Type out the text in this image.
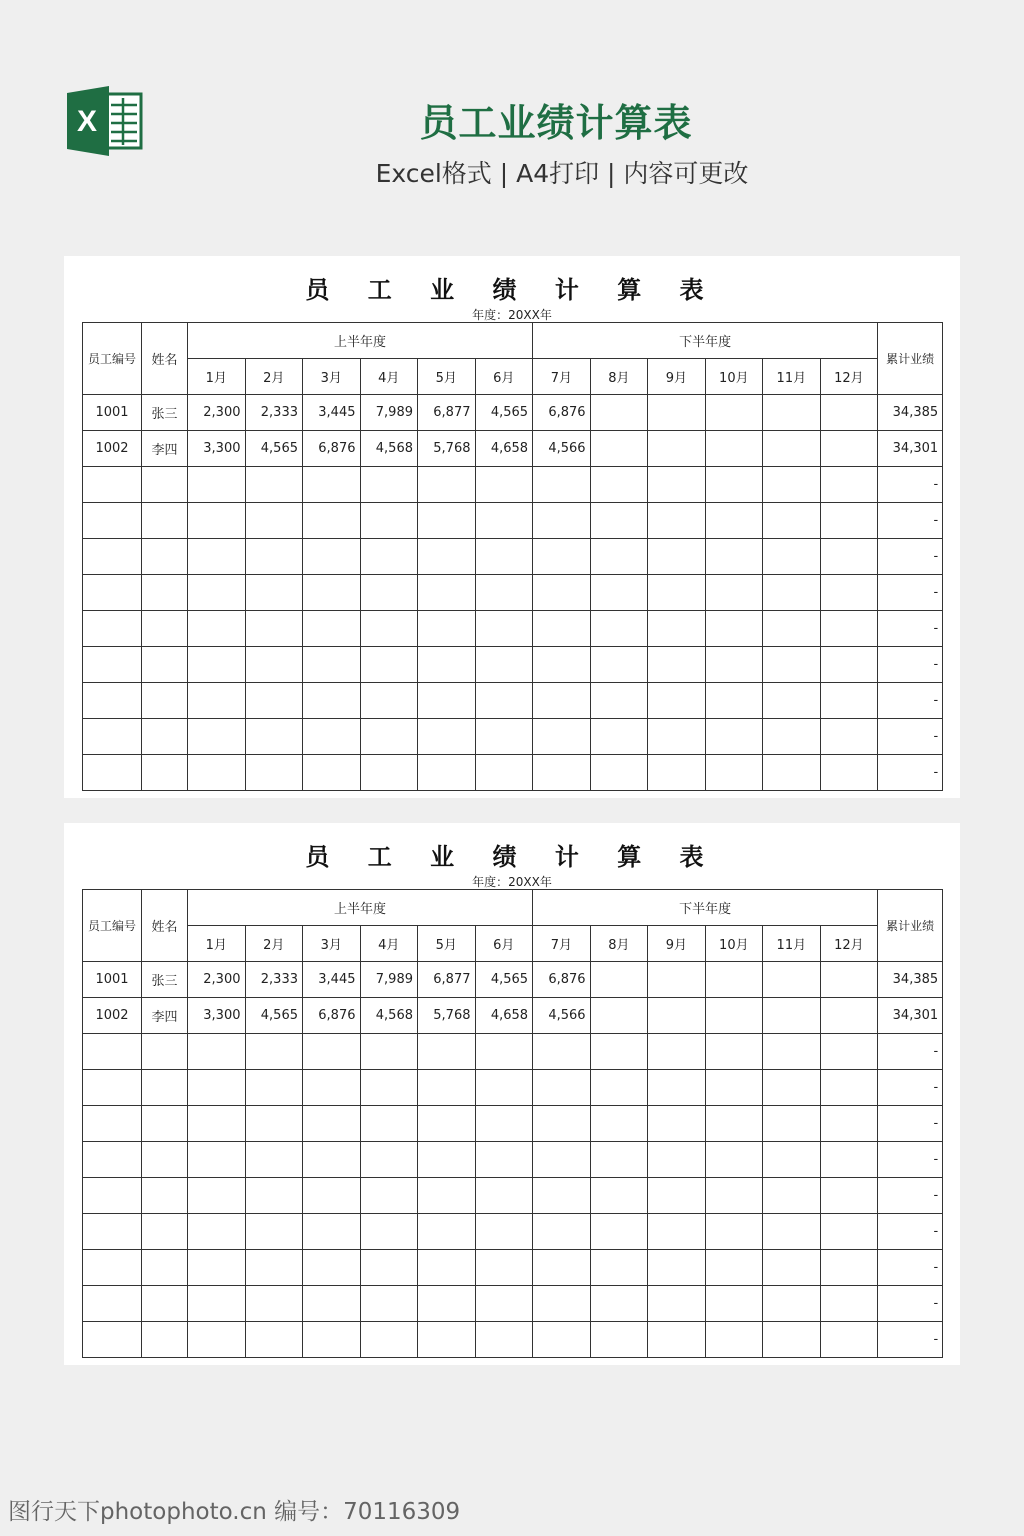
X	员工业绩计算表

Excel格式 | A4打印 | 内容可更改

员 工 业 绩 计 算 表
年度：20XX年
员工编号	姓名	上半年度						下半年度						累计业绩
		1月	2月	3月	4月	5月	6月	7月	8月	9月	10月	11月	12月	
1001	张三	2,300	2,333	3,445	7,989	6,877	4,565	6,876						34,385
1002	李四	3,300	4,565	6,876	4,568	5,768	4,658	4,566						34,301
														-
														-
														-
														-
														-
														-
														-
														-
														-
员 工 业 绩 计 算 表
年度：20XX年
员工编号	姓名	上半年度						下半年度						累计业绩
		1月	2月	3月	4月	5月	6月	7月	8月	9月	10月	11月	12月	
1001	张三	2,300	2,333	3,445	7,989	6,877	4,565	6,876						34,385
1002	李四	3,300	4,565	6,876	4,568	5,768	4,658	4,566						34,301
														-
														-
														-
														-
														-
														-
														-
														-
														-
图行天下photophoto.cn 编号：70116309
